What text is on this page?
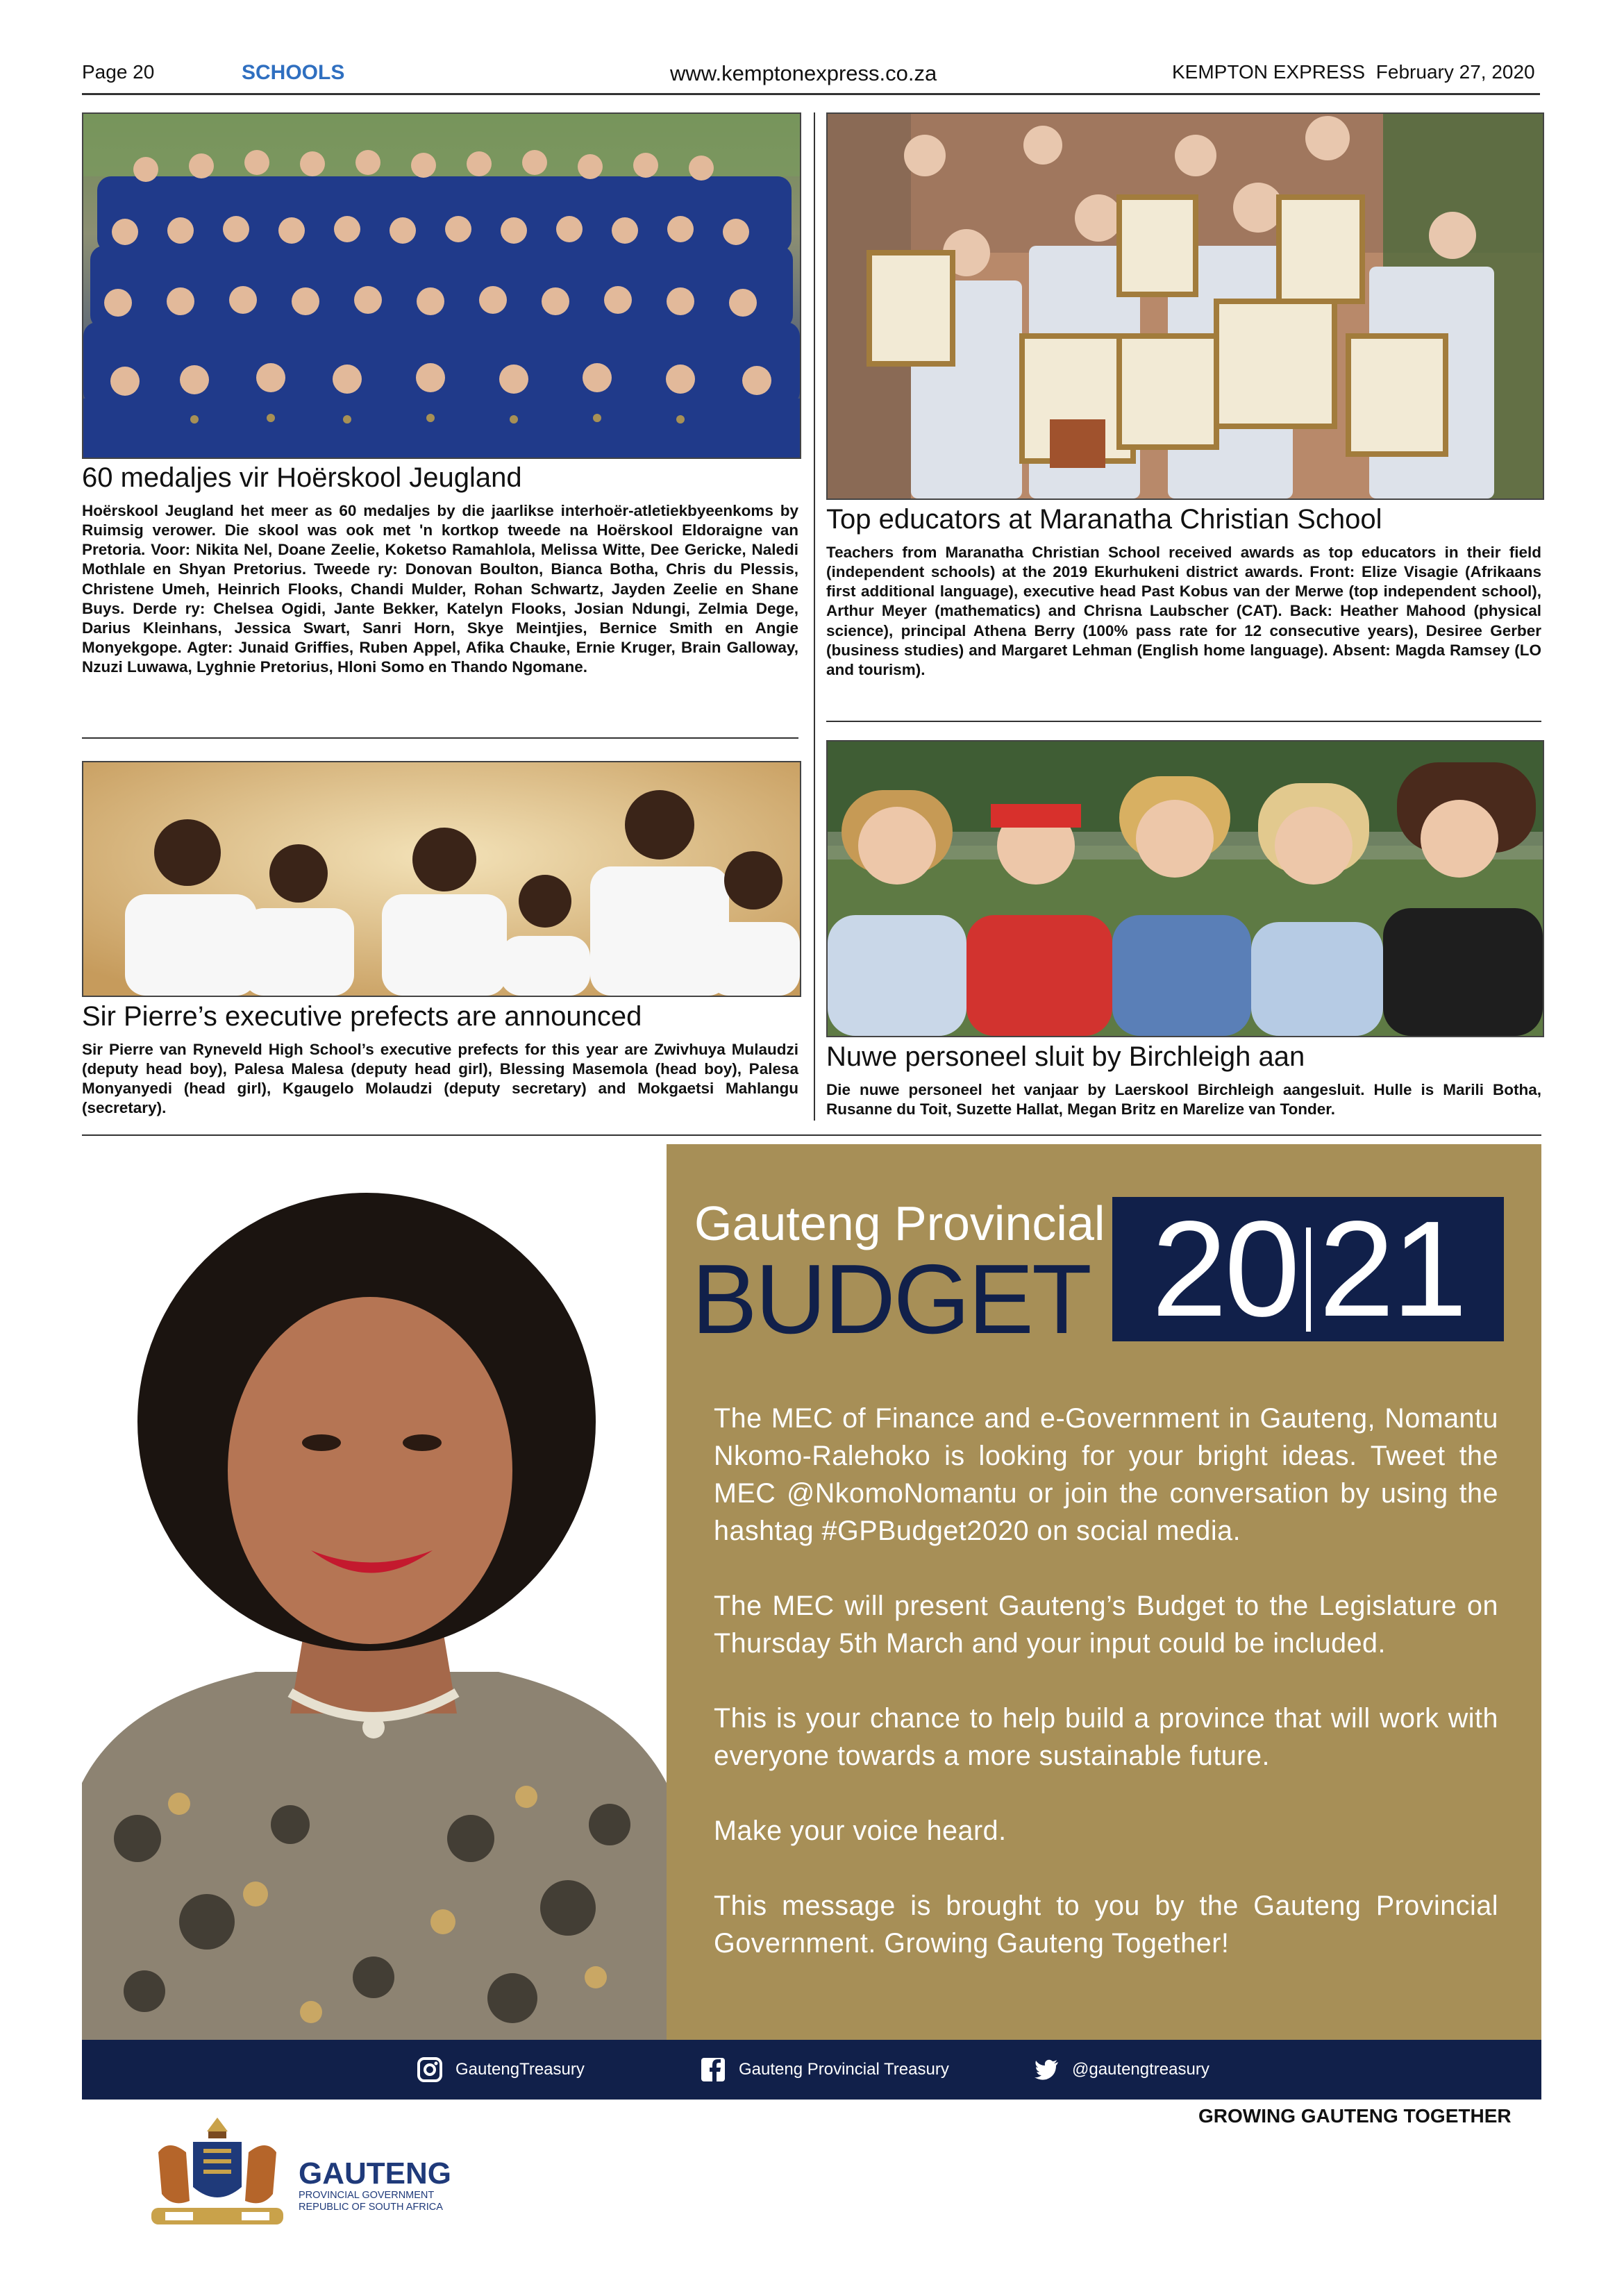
Page 20	SCHOOLS	www.kemptonexpress.co.za	KEMPTON EXPRESS February 27, 2020
60 medaljes vir Hoërskool Jeugland
Hoërskool Jeugland het meer as 60 medaljes by die jaarlikse interhoër-atletiekbyeenkoms by Ruimsig verower. Die skool was ook met 'n kortkop tweede na Hoërskool Eldoraigne van Pretoria. Voor: Nikita Nel, Doane Zeelie, Koketso Ramahlola, Melissa Witte, Dee Gericke, Naledi Mothlale en Shyan Pretorius. Tweede ry: Donovan Boulton, Bianca Botha, Chris du Plessis, Christene Umeh, Heinrich Flooks, Chandi Mulder, Rohan Schwartz, Jayden Zeelie en Shane Buys. Derde ry: Chelsea Ogidi, Jante Bekker, Katelyn Flooks, Josian Ndungi, Zelmia Dege, Darius Kleinhans, Jessica Swart, Sanri Horn, Skye Meintjies, Bernice Smith en Angie Monyekgope. Agter: Junaid Griffies, Ruben Appel, Afika Chauke, Ernie Kruger, Brain Galloway, Nzuzi Luwawa, Lyghnie Pretorius, Hloni Somo en Thando Ngomane.
Top educators at Maranatha Christian School
Teachers from Maranatha Christian School received awards as top educators in their field (independent schools) at the 2019 Ekurhukeni district awards. Front: Elize Visagie (Afrikaans first additional language), executive head Past Kobus van der Merwe (top independent school), Arthur Meyer (mathematics) and Chrisna Laubscher (CAT). Back: Heather Mahood (physical science), principal Athena Berry (100% pass rate for 12 consecutive years), Desiree Gerber (business studies) and Margaret Lehman (English home language). Absent: Magda Ramsey (LO and tourism).
Sir Pierre’s executive prefects are announced
Sir Pierre van Ryneveld High School’s executive prefects for this year are Zwivhuya Mulaudzi (deputy head boy), Palesa Malesa (deputy head girl), Blessing Masemola (head boy), Palesa Monyanyedi (head girl), Kgaugelo Molaudzi (deputy secretary) and Mokgaetsi Mahlangu (secretary).
Nuwe personeel sluit by Birchleigh aan
Die nuwe personeel het vanjaar by Laerskool Birchleigh aangesluit. Hulle is Marili Botha, Rusanne du Toit, Suzette Hallat, Megan Britz en Marelize van Tonder.
Gauteng Provincial
BUDGET 20 21
The MEC of Finance and e-Government in Gauteng, Nomantu Nkomo-Ralehoko is looking for your bright ideas. Tweet the MEC @NkomoNomantu or join the conversation by using the hashtag #GPBudget2020 on social media.
The MEC will present Gauteng’s Budget to the Legislature on Thursday 5th March and your input could be included.
This is your chance to help build a province that will work with everyone towards a more sustainable future.
Make your voice heard.
This message is brought to you by the Gauteng Provincial Government. Growing Gauteng Together!
GautengTreasury	Gauteng Provincial Treasury	@gautengtreasury
GROWING GAUTENG TOGETHER
GAUTENG
PROVINCIAL GOVERNMENT
REPUBLIC OF SOUTH AFRICA
